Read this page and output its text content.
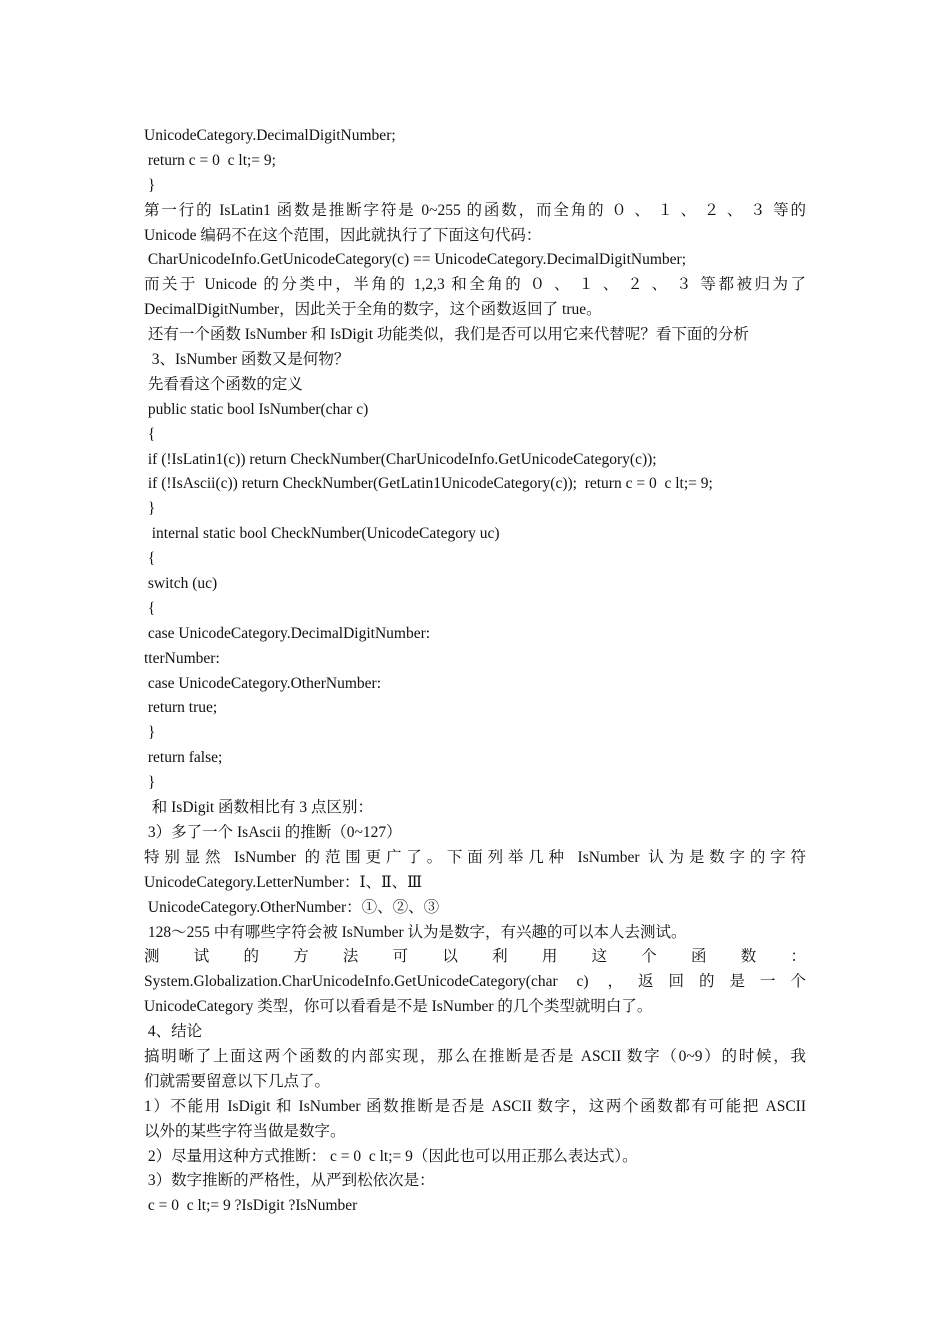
UnicodeCategory.DecimalDigitNumber;
return c = 0  c lt;= 9;
}
第一行的 IsLatin1 函数是推断字符是 0~255 的函数，而全角的 ０ 、 １ 、 ２ 、 ３ 等的
Unicode 编码不在这个范围，因此就执行了下面这句代码：
CharUnicodeInfo.GetUnicodeCategory(c) == UnicodeCategory.DecimalDigitNumber;
而关于 Unicode 的分类中，半角的 1,2,3 和全角的 ０ 、 １ 、 ２ 、 ３ 等都被归为了
DecimalDigitNumber，因此关于全角的数字，这个函数返回了 true。
还有一个函数 IsNumber 和 IsDigit 功能类似，我们是否可以用它来代替呢？看下面的分析
3、IsNumber 函数又是何物？
先看看这个函数的定义
public static bool IsNumber(char c)
{
if (!IsLatin1(c)) return CheckNumber(CharUnicodeInfo.GetUnicodeCategory(c));
if (!IsAscii(c)) return CheckNumber(GetLatin1UnicodeCategory(c));  return c = 0  c lt;= 9;
}
internal static bool CheckNumber(UnicodeCategory uc)
{
switch (uc)
{
case UnicodeCategory.DecimalDigitNumber:
tterNumber:
case UnicodeCategory.OtherNumber:
return true;
}
return false;
}
和 IsDigit 函数相比有 3 点区别：
3）多了一个 IsAscii 的推断（0~127）
特别显然 IsNumber 的范围更广了。下面列举几种 IsNumber 认为是数字的字符
UnicodeCategory.LetterNumber：Ⅰ、Ⅱ、Ⅲ
UnicodeCategory.OtherNumber：①、②、③
128～255 中有哪些字符会被 IsNumber 认为是数字，有兴趣的可以本人去测试。
测 试 的 方 法 可 以 利 用 这 个 函 数 ：
System.Globalization.CharUnicodeInfo.GetUnicodeCategory(char c) ，返回的是一个
UnicodeCategory 类型，你可以看看是不是 IsNumber 的几个类型就明白了。
4、结论
搞明晰了上面这两个函数的内部实现，那么在推断是否是 ASCII 数字（0~9）的时候，我
们就需要留意以下几点了。
1）不能用 IsDigit 和 IsNumber 函数推断是否是 ASCII 数字，这两个函数都有可能把 ASCII
以外的某些字符当做是数字。
2）尽量用这种方式推断： c = 0  c lt;= 9（因此也可以用正那么表达式）。
3）数字推断的严格性，从严到松依次是：
c = 0  c lt;= 9 ?IsDigit ?IsNumber
